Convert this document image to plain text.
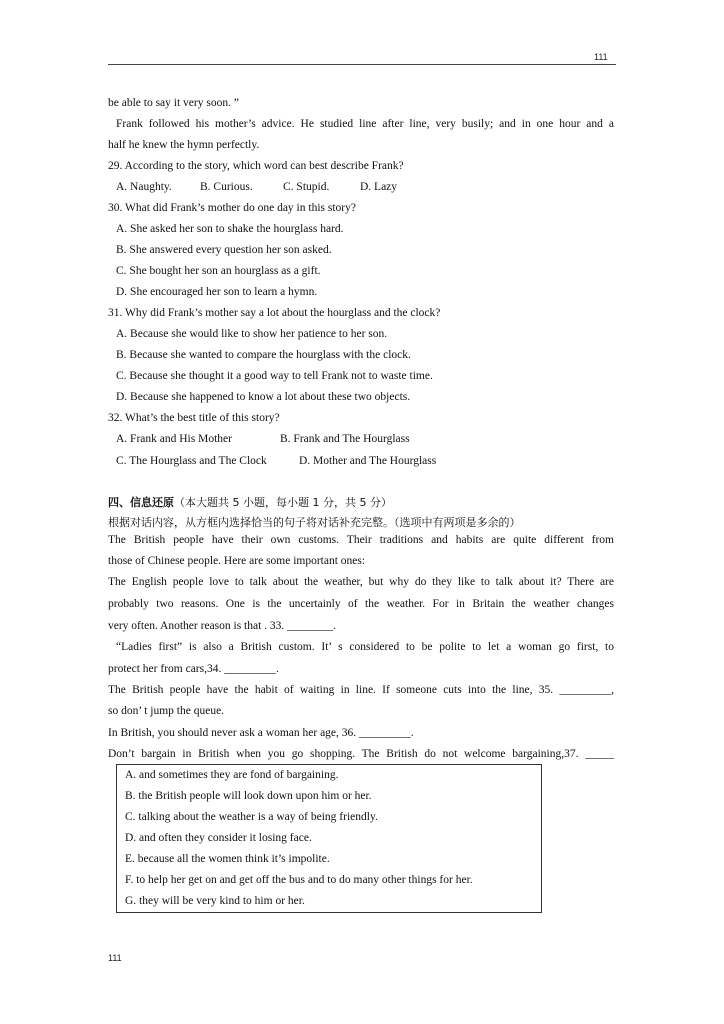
111
be able to say it very soon. ”
Frank followed his mother’s advice. He studied line after line, very busily; and in one hour and a
half he knew the hymn perfectly.
29. According to the story, which word can best describe Frank?
A. Naughty. B. Curious.	C. Stupid.	D. Lazy
30. What did Frank’s mother do one day in this story?
A. She asked her son to shake the hourglass hard.
B. She answered every question her son asked.
C. She bought her son an hourglass as a gift.
D. She encouraged her son to learn a hymn.
31. Why did Frank’s mother say a lot about the hourglass and the clock?
A. Because she would like to show her patience to her son.
B. Because she wanted to compare the hourglass with the clock.
C. Because she thought it a good way to tell Frank not to waste time.
D. Because she happened to know a lot about these two objects.
32. What’s the best title of this story?
A. Frank and His Mother	B. Frank and The Hourglass
C. The Hourglass and The Clock	D. Mother and The Hourglass
四、信息还原（本大题共 5 小题，每小题 1 分，共 5 分）
根据对话内容，从方框内选择恰当的句子将对话补充完整。（选项中有两项是多余的）
The British people have their own customs. Their traditions and habits are quite different from
those of Chinese people. Here are some important ones:
The English people love to talk about the weather, but why do they like to talk about it? There are
probably two reasons. One is the uncertainly of the weather. For in Britain the weather changes
very often. Another reason is that . 33. ________.
“Ladies first” is also a British custom. It’ s considered to be polite to let a woman go first, to
protect her from cars,34. _________.
The British people have the habit of waiting in line. If someone cuts into the line, 35. _________,
so don’ t jump the queue.
In British, you should never ask a woman her age, 36. _________.
Don’t bargain in British when you go shopping. The British do not welcome bargaining,37. _____
A. and sometimes they are fond of bargaining.
B. the British people will look down upon him or her.
C. talking about the weather is a way of being friendly.
D. and often they consider it losing face.
E. because all the women think it’s impolite.
F. to help her get on and get off the bus and to do many other things for her.
G. they will be very kind to him or her.
111
